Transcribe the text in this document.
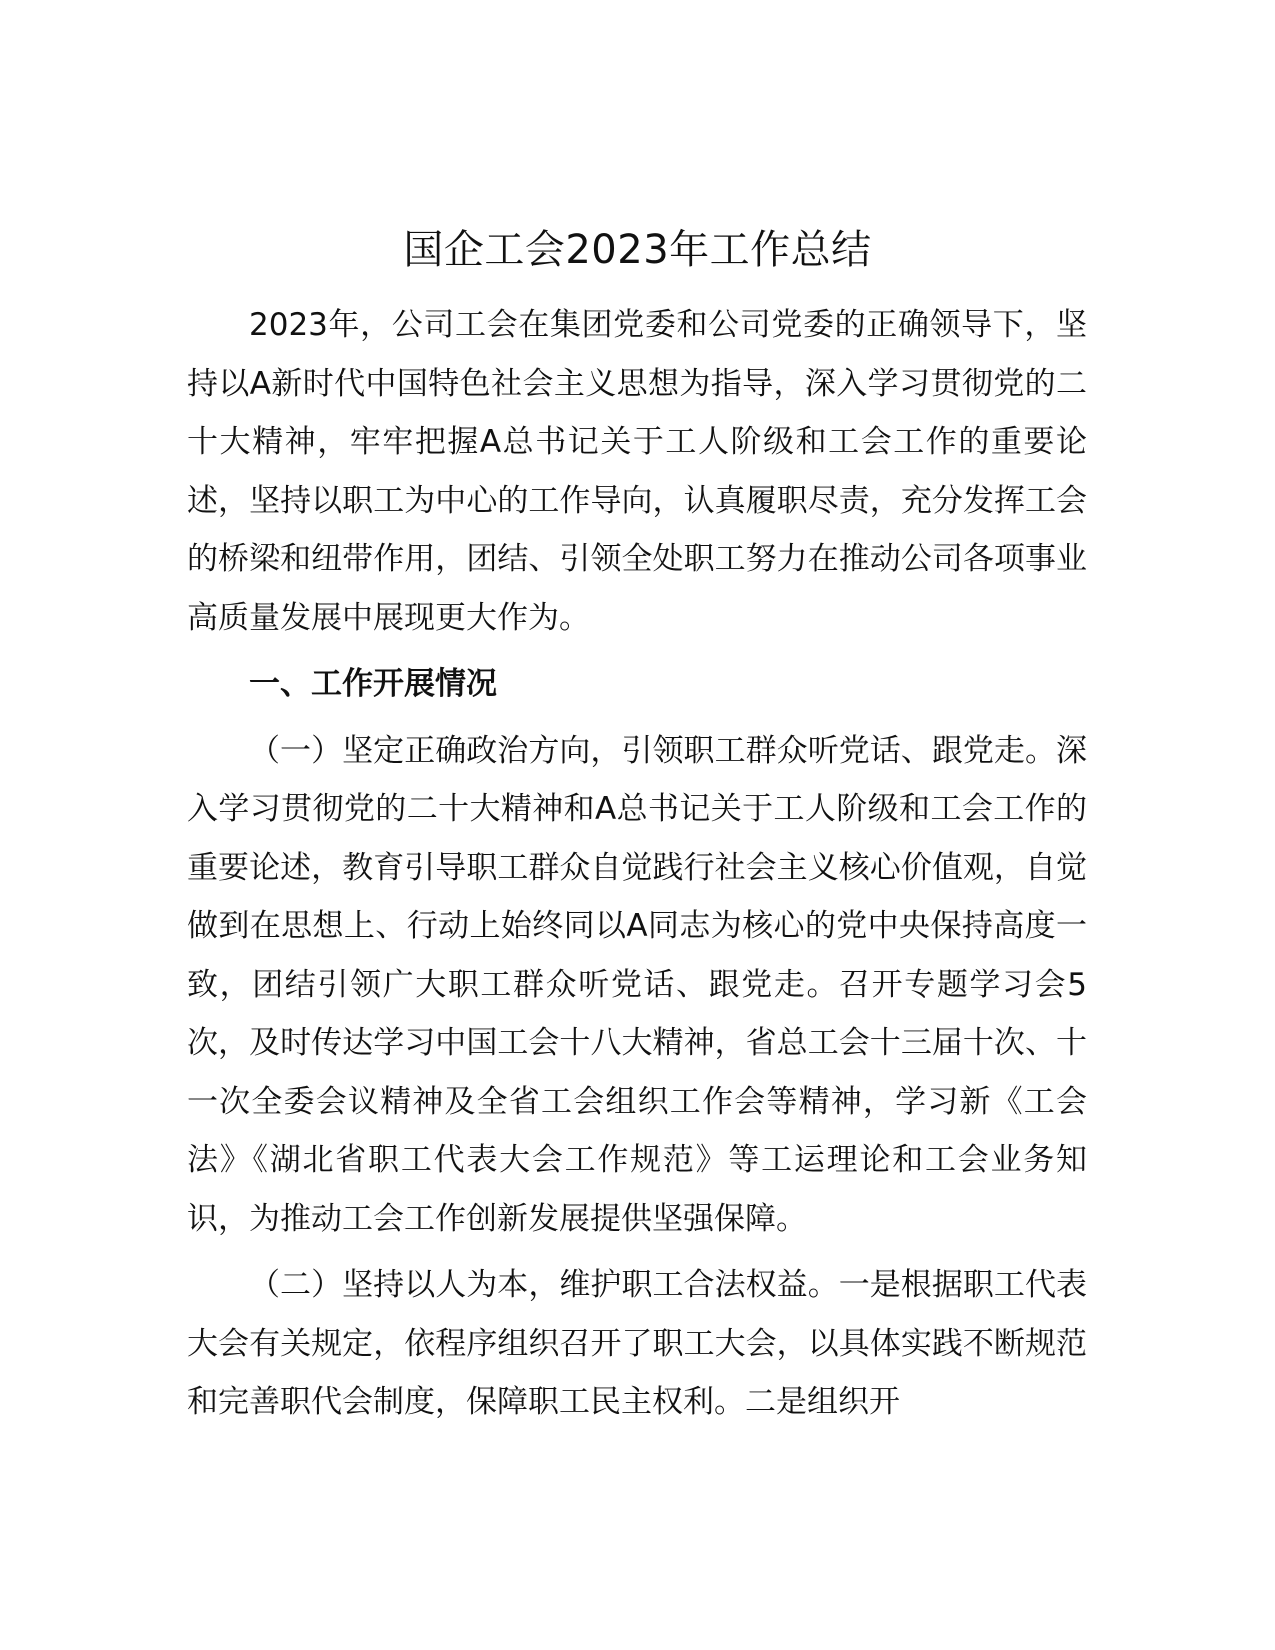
国企工会2023年工作总结

2023年，公司工会在集团党委和公司党委的正确领导下，坚持以A新时代中国特色社会主义思想为指导，深入学习贯彻党的二十大精神，牢牢把握A总书记关于工人阶级和工会工作的重要论述，坚持以职工为中心的工作导向，认真履职尽责，充分发挥工会的桥梁和纽带作用，团结、引领全处职工努力在推动公司各项事业高质量发展中展现更大作为。

一、工作开展情况

（一）坚定正确政治方向，引领职工群众听党话、跟党走。深入学习贯彻党的二十大精神和A总书记关于工人阶级和工会工作的重要论述，教育引导职工群众自觉践行社会主义核心价值观，自觉做到在思想上、行动上始终同以A同志为核心的党中央保持高度一致，团结引领广大职工群众听党话、跟党走。召开专题学习会5次，及时传达学习中国工会十八大精神，省总工会十三届十次、十一次全委会议精神及全省工会组织工作会等精神，学习新《工会法》《湖北省职工代表大会工作规范》等工运理论和工会业务知识，为推动工会工作创新发展提供坚强保障。

（二）坚持以人为本，维护职工合法权益。一是根据职工代表大会有关规定，依程序组织召开了职工大会，以具体实践不断规范和完善职代会制度，保障职工民主权利。二是组织开
